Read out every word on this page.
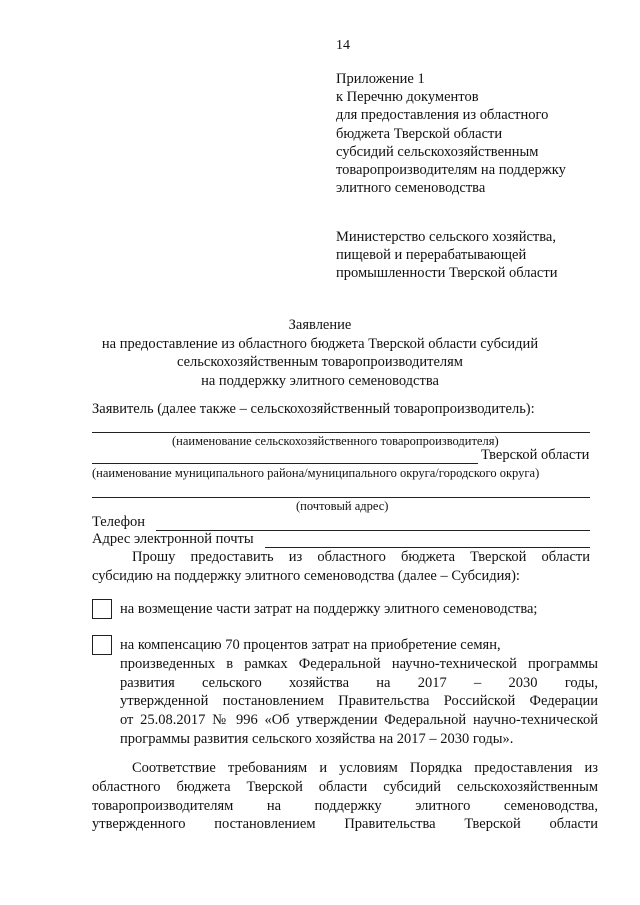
14
Приложение 1
к Перечню документов
для предоставления из областного
бюджета Тверской области
субсидий сельскохозяйственным
товаропроизводителям на поддержку
элитного семеноводства
Министерство сельского хозяйства,
пищевой и перерабатывающей
промышленности Тверской области
Заявление
на предоставление из областного бюджета Тверской области субсидий
сельскохозяйственным товаропроизводителям
на поддержку элитного семеноводства
Заявитель (далее также – сельскохозяйственный товаропроизводитель):
(наименование сельскохозяйственного товаропроизводителя)
Тверской области
(наименование муниципального района/муниципального округа/городского округа)
(почтовый адрес)
Телефон
Адрес электронной почты
Прошу предоставить из областного бюджета Тверской области
субсидию на поддержку элитного семеноводства (далее – Субсидия):
на возмещение части затрат на поддержку элитного семеноводства;
на компенсацию 70 процентов затрат на приобретение семян,
произведенных в рамках Федеральной научно-технической программы
развития сельского хозяйства на 2017 – 2030 годы,
утвержденной постановлением Правительства Российской Федерации
от 25.08.2017 № 996 «Об утверждении Федеральной научно-технической
программы развития сельского хозяйства на 2017 – 2030 годы».
Соответствие требованиям и условиям Порядка предоставления из
областного бюджета Тверской области субсидий сельскохозяйственным
товаропроизводителям на поддержку элитного семеноводства,
утвержденного постановлением Правительства Тверской области
